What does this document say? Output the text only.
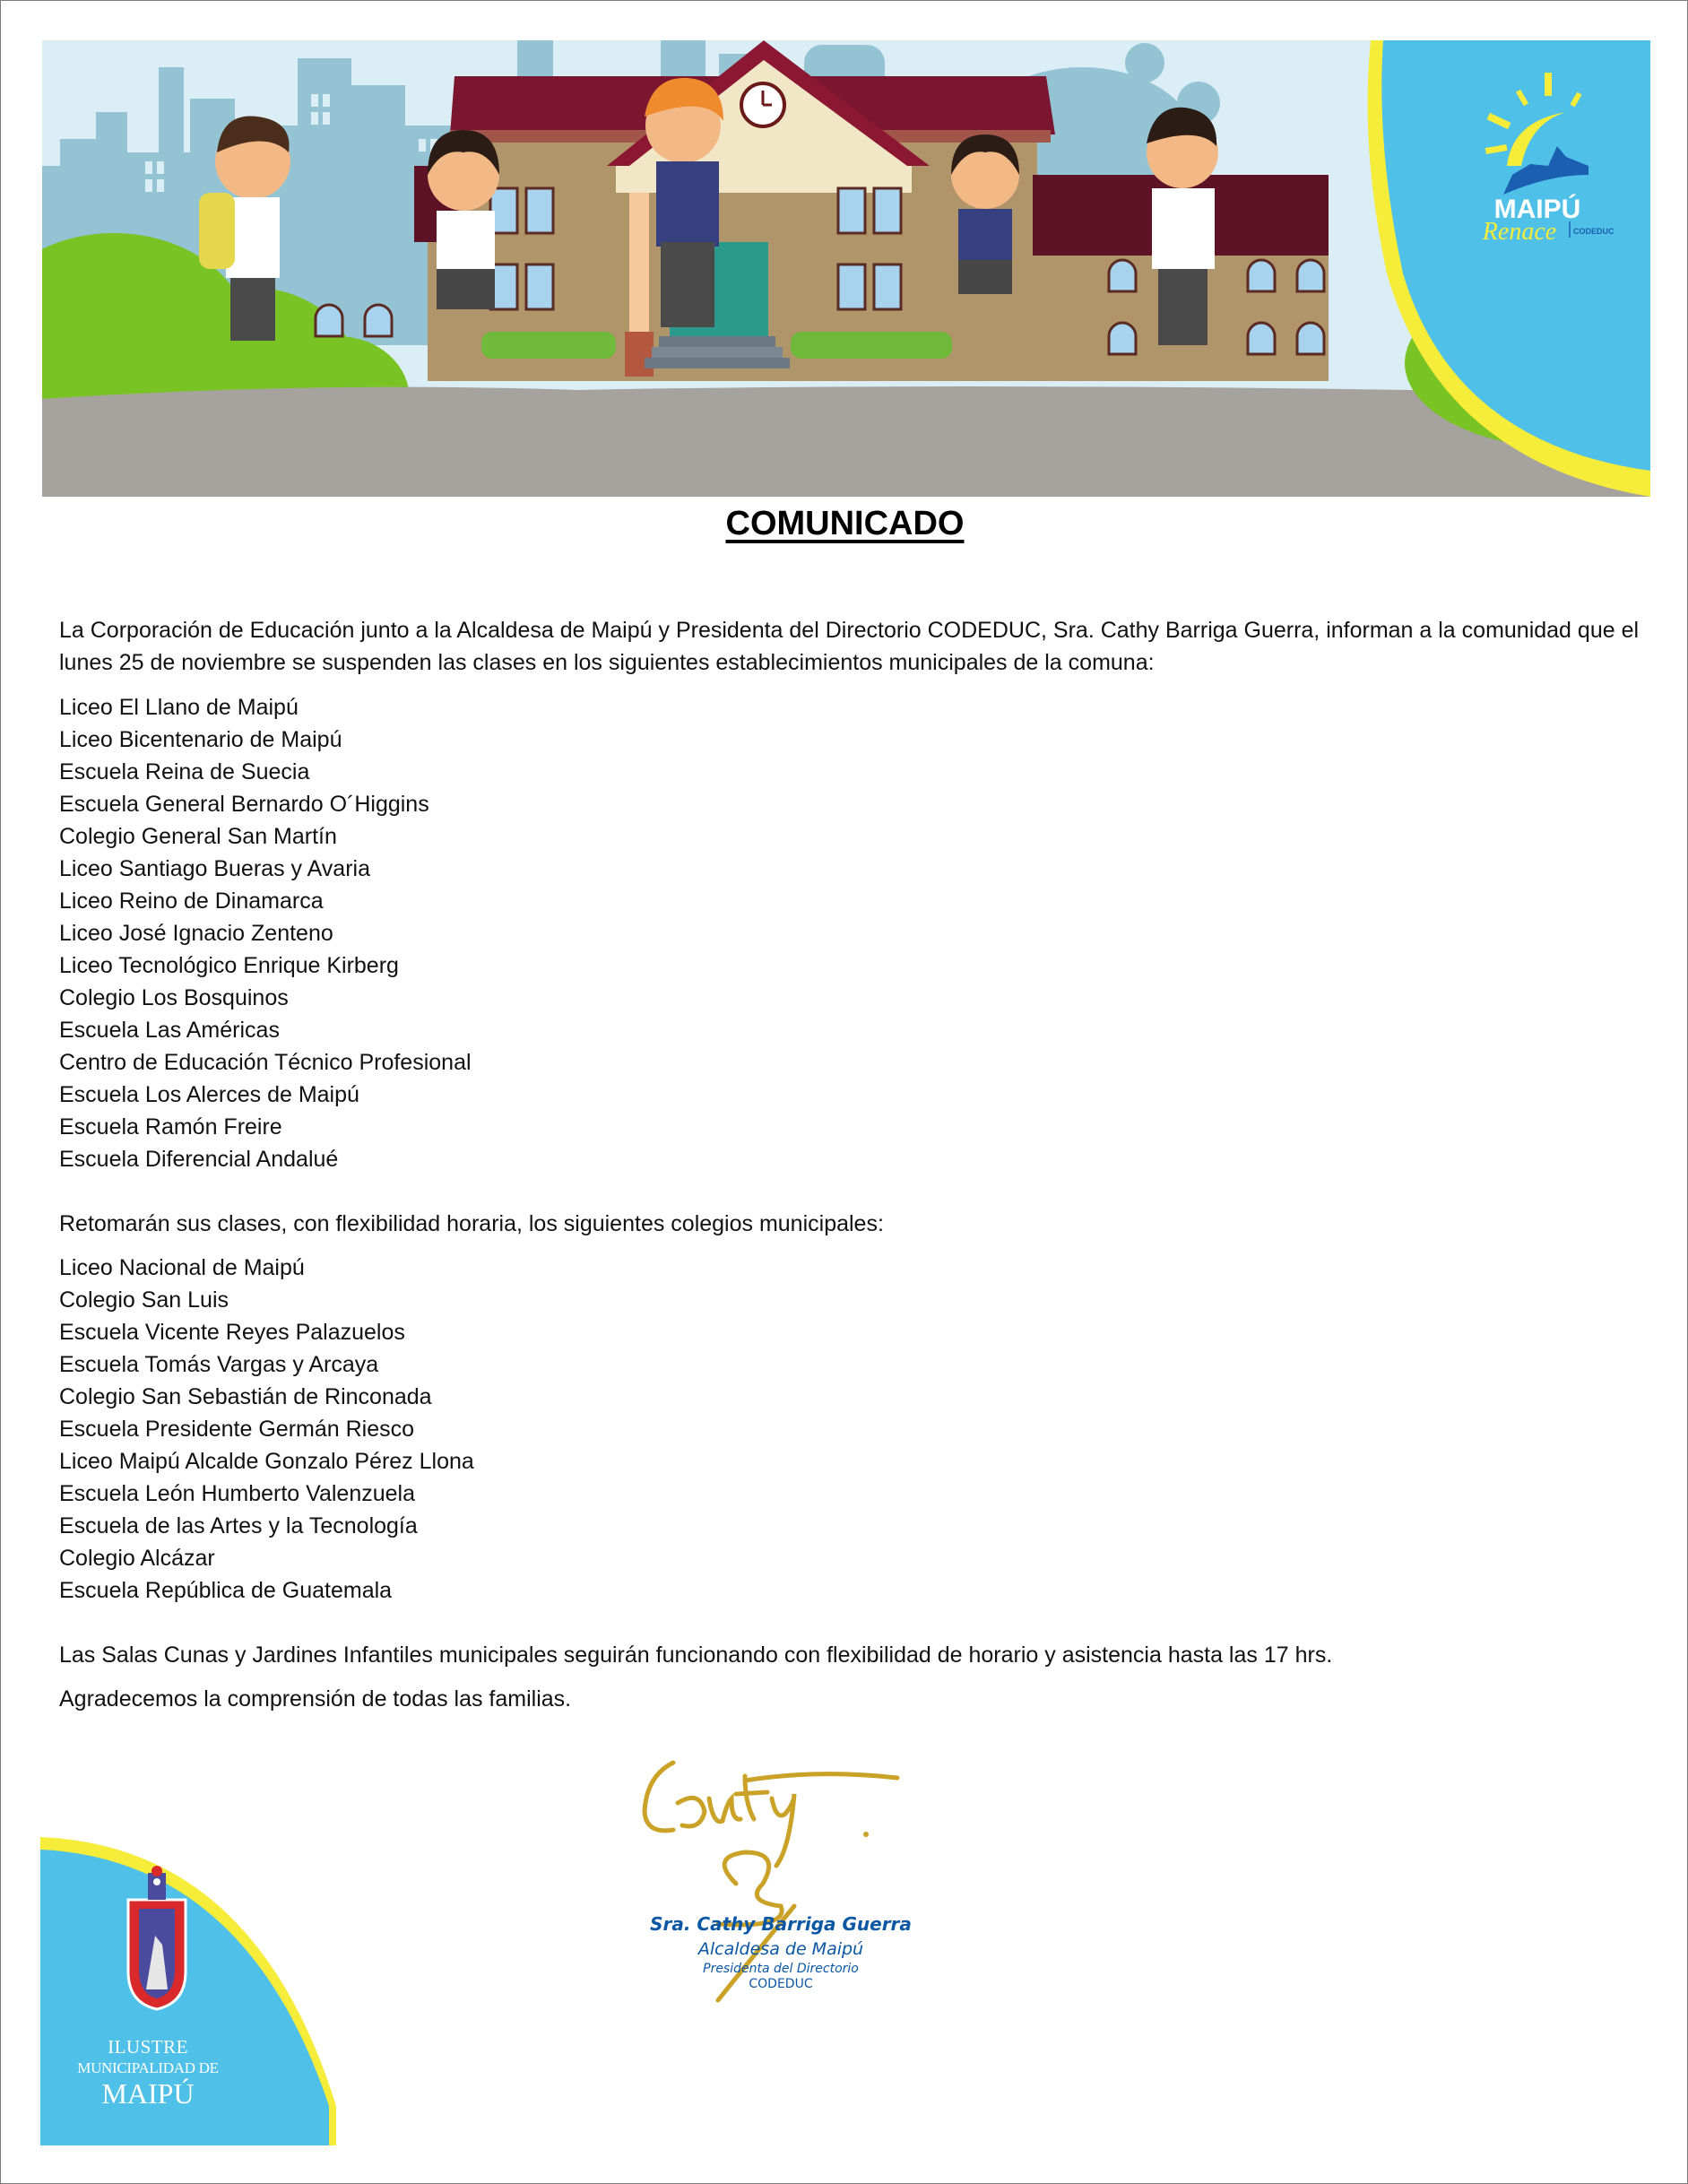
MAIPÚ
Renace CODEDUC
COMUNICADO
La Corporación de Educación junto a la Alcaldesa de Maipú y Presidenta del Directorio CODEDUC, Sra. Cathy Barriga Guerra, informan a la comunidad que el lunes 25 de noviembre se suspenden las clases en los siguientes establecimientos municipales de la comuna:
Liceo El Llano de Maipú
Liceo Bicentenario de Maipú
Escuela Reina de Suecia
Escuela General Bernardo O´Higgins
Colegio General San Martín
Liceo Santiago Bueras y Avaria
Liceo Reino de Dinamarca
Liceo José Ignacio Zenteno
Liceo Tecnológico Enrique Kirberg
Colegio Los Bosquinos
Escuela Las Américas
Centro de Educación Técnico Profesional
Escuela Los Alerces de Maipú
Escuela Ramón Freire
Escuela Diferencial Andalué
Retomarán sus clases, con flexibilidad horaria, los siguientes colegios municipales:
Liceo Nacional de Maipú
Colegio San Luis
Escuela Vicente Reyes Palazuelos
Escuela Tomás Vargas y Arcaya
Colegio San Sebastián de Rinconada
Escuela Presidente Germán Riesco
Liceo Maipú Alcalde Gonzalo Pérez Llona
Escuela León Humberto Valenzuela
Escuela de las Artes y la Tecnología
Colegio Alcázar
Escuela República de Guatemala
Las Salas Cunas y Jardines Infantiles municipales seguirán funcionando con flexibilidad de horario y asistencia hasta las 17 hrs.
Agradecemos la comprensión de todas las familias.
Sra. Cathy Barriga Guerra
Alcaldesa de Maipú
Presidenta del Directorio
CODEDUC
ILUSTRE
MUNICIPALIDAD DE
MAIPÚ
